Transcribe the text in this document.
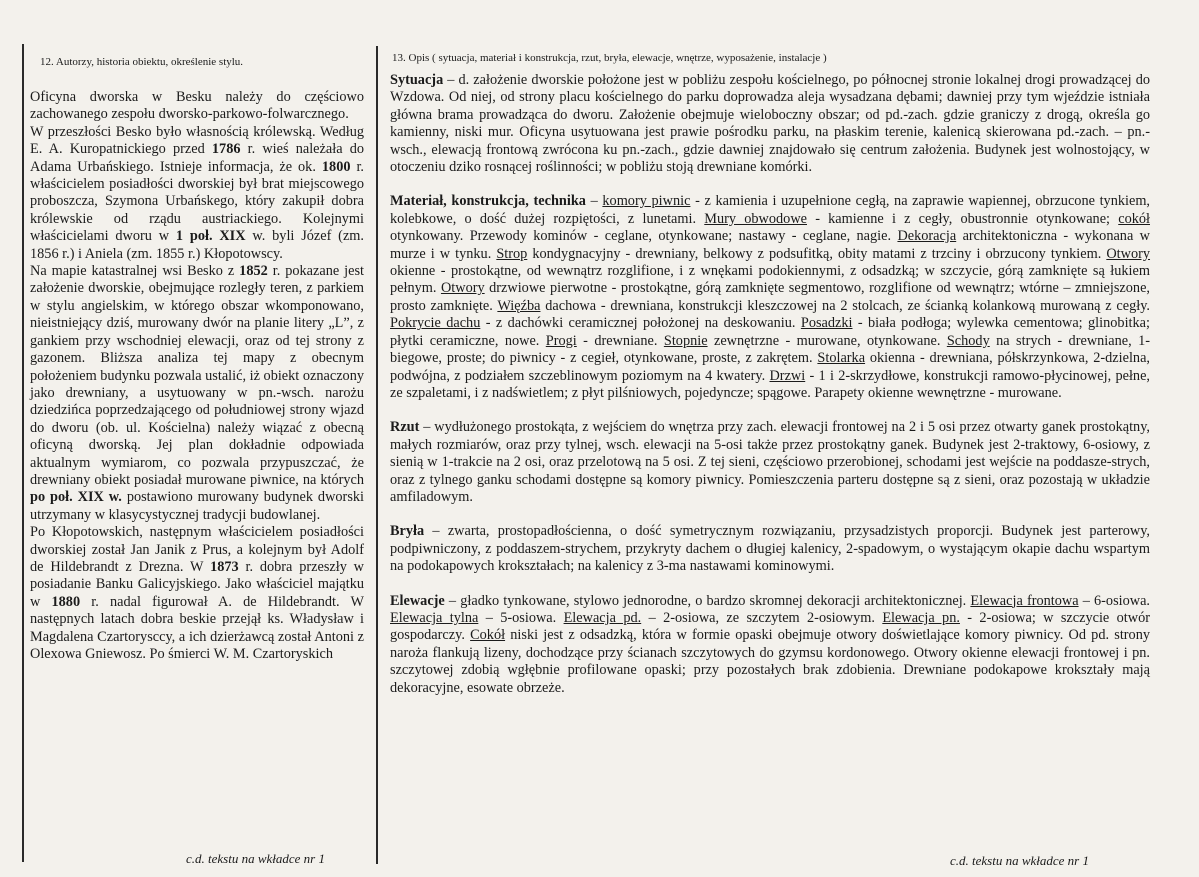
12. Autorzy, historia obiektu, określenie stylu.	13. Opis ( sytuacja, materiał i konstrukcja, rzut, bryła, elewacje, wnętrze, wyposażenie, instalacje )

Oficyna dworska w Besku należy do częściowo zachowanego zespołu dworsko-parkowo-folwarcznego.

W przeszłości Besko było własnością królewską. Według E. A. Kuropatnickiego przed 1786 r. wieś należała do Adama Urbańskiego. Istnieje informacja, że ok. 1800 r. właścicielem posiadłości dworskiej był brat miejscowego proboszcza, Szymona Urbańskego, który zakupił dobra królewskie od rządu austriackiego. Kolejnymi właścicielami dworu w 1 poł. XIX w. byli Józef (zm. 1856 r.) i Aniela (zm. 1855 r.) Kłopotowscy.

Na mapie katastralnej wsi Besko z 1852 r. pokazane jest założenie dworskie, obejmujące rozległy teren, z parkiem w stylu angielskim, w którego obszar wkomponowano, nieistniejący dziś, murowany dwór na planie litery „L”, z gankiem przy wschodniej elewacji, oraz od tej strony z gazonem. Bliższa analiza tej mapy z obecnym położeniem budynku pozwala ustalić, iż obiekt oznaczony jako drewniany, a usytuowany w pn.-wsch. narożu dziedzińca poprzedzającego od południowej strony wjazd do dworu (ob. ul. Kościelna) należy wiązać z obecną oficyną dworską. Jej plan dokładnie odpowiada aktualnym wymiarom, co pozwala przypuszczać, że drewniany obiekt posiadał murowane piwnice, na których po poł. XIX w. postawiono murowany budynek dworski utrzymany w klasycystycznej tradycji budowlanej.

Po Kłopotowskich, następnym właścicielem posiadłości dworskiej został Jan Janik z Prus, a kolejnym był Adolf de Hildebrandt z Drezna. W 1873 r. dobra przeszły w posiadanie Banku Galicyjskiego. Jako właściciel majątku w 1880 r. nadal figurował A. de Hildebrandt. W następnych latach dobra beskie przejął ks. Władysław i Magdalena Czartorysccy, a ich dzierżawcą został Antoni z Olexowa Gniewosz. Po śmierci W. M. Czartoryskich

Sytuacja – d. założenie dworskie położone jest w pobliżu zespołu kościelnego, po północnej stronie lokalnej drogi prowadzącej do Wzdowa. Od niej, od strony placu kościelnego do parku doprowadza aleja wysadzana dębami; dawniej przy tym wjeździe istniała główna brama prowadząca do dworu. Założenie obejmuje wieloboczny obszar; od pd.-zach. gdzie graniczy z drogą, określa go kamienny, niski mur. Oficyna usytuowana jest prawie pośrodku parku, na płaskim terenie, kalenicą skierowana pd.-zach. – pn.-wsch., elewacją frontową zwrócona ku pn.-zach., gdzie dawniej znajdowało się centrum założenia. Budynek jest wolnostojący, w otoczeniu dziko rosnącej roślinności; w pobliżu stoją drewniane komórki.

Materiał, konstrukcja, technika – komory piwnic - z kamienia i uzupełnione cegłą, na zaprawie wapiennej, obrzucone tynkiem, kolebkowe, o dość dużej rozpiętości, z lunetami. Mury obwodowe - kamienne i z cegły, obustronnie otynkowane; cokół otynkowany. Przewody kominów - ceglane, otynkowane; nastawy - ceglane, nagie. Dekoracja architektoniczna - wykonana w murze i w tynku. Strop kondygnacyjny - drewniany, belkowy z podsufitką, obity matami z trzciny i obrzucony tynkiem. Otwory okienne - prostokątne, od wewnątrz rozglifione, i z wnękami podokiennymi, z odsadzką; w szczycie, górą zamknięte są łukiem pełnym. Otwory drzwiowe pierwotne - prostokątne, górą zamknięte segmentowo, rozglifione od wewnątrz; wtórne – zmniejszone, prosto zamknięte. Więźba dachowa - drewniana, konstrukcji kleszczowej na 2 stolcach, ze ścianką kolankową murowaną z cegły. Pokrycie dachu - z dachówki ceramicznej położonej na deskowaniu. Posadzki - biała podłoga; wylewka cementowa; glinobitka; płytki ceramiczne, nowe. Progi - drewniane. Stopnie zewnętrzne - murowane, otynkowane. Schody na strych - drewniane, 1-biegowe, proste; do piwnicy - z cegieł, otynkowane, proste, z zakrętem. Stolarka okienna - drewniana, półskrzynkowa, 2-dzielna, podwójna, z podziałem szczeblinowym poziomym na 4 kwatery. Drzwi - 1 i 2-skrzydłowe, konstrukcji ramowo-płycinowej, pełne, ze szpaletami, i z nadświetlem; z płyt pilśniowych, pojedyncze; spągowe. Parapety okienne wewnętrzne - murowane.

Rzut – wydłużonego prostokąta, z wejściem do wnętrza przy zach. elewacji frontowej na 2 i 5 osi przez otwarty ganek prostokątny, małych rozmiarów, oraz przy tylnej, wsch. elewacji na 5-osi także przez prostokątny ganek. Budynek jest 2-traktowy, 6-osiowy, z sienią w 1-trakcie na 2 osi, oraz przelotową na 5 osi. Z tej sieni, częściowo przerobionej, schodami jest wejście na poddasze-strych, oraz z tylnego ganku schodami dostępne są komory piwnicy. Pomieszczenia parteru dostępne są z sieni, oraz pozostają w układzie amfiladowym.

Bryła – zwarta, prostopadłościenna, o dość symetrycznym rozwiązaniu, przysadzistych proporcji. Budynek jest parterowy, podpiwniczony, z poddaszem-strychem, przykryty dachem o długiej kalenicy, 2-spadowym, o wystającym okapie dachu wspartym na podokapowych krokształach; na kalenicy z 3-ma nastawami kominowymi.

Elewacje – gładko tynkowane, stylowo jednorodne, o bardzo skromnej dekoracji architektonicznej. Elewacja frontowa – 6-osiowa. Elewacja tylna – 5-osiowa. Elewacja pd. – 2-osiowa, ze szczytem 2-osiowym. Elewacja pn. - 2-osiowa; w szczycie otwór gospodarczy. Cokół niski jest z odsadzką, która w formie opaski obejmuje otwory doświetlające komory piwnicy. Od pd. strony naroża flankują lizeny, dochodzące przy ścianach szczytowych do gzymsu kordonowego. Otwory okienne elewacji frontowej i pn. szczytowej zdobią wgłębnie profilowane opaski; przy pozostałych brak zdobienia. Drewniane podokapowe krokształy mają dekoracyjne, esowate obrzeże.

c.d. tekstu na wkładce nr 1	c.d. tekstu na wkładce nr 1
